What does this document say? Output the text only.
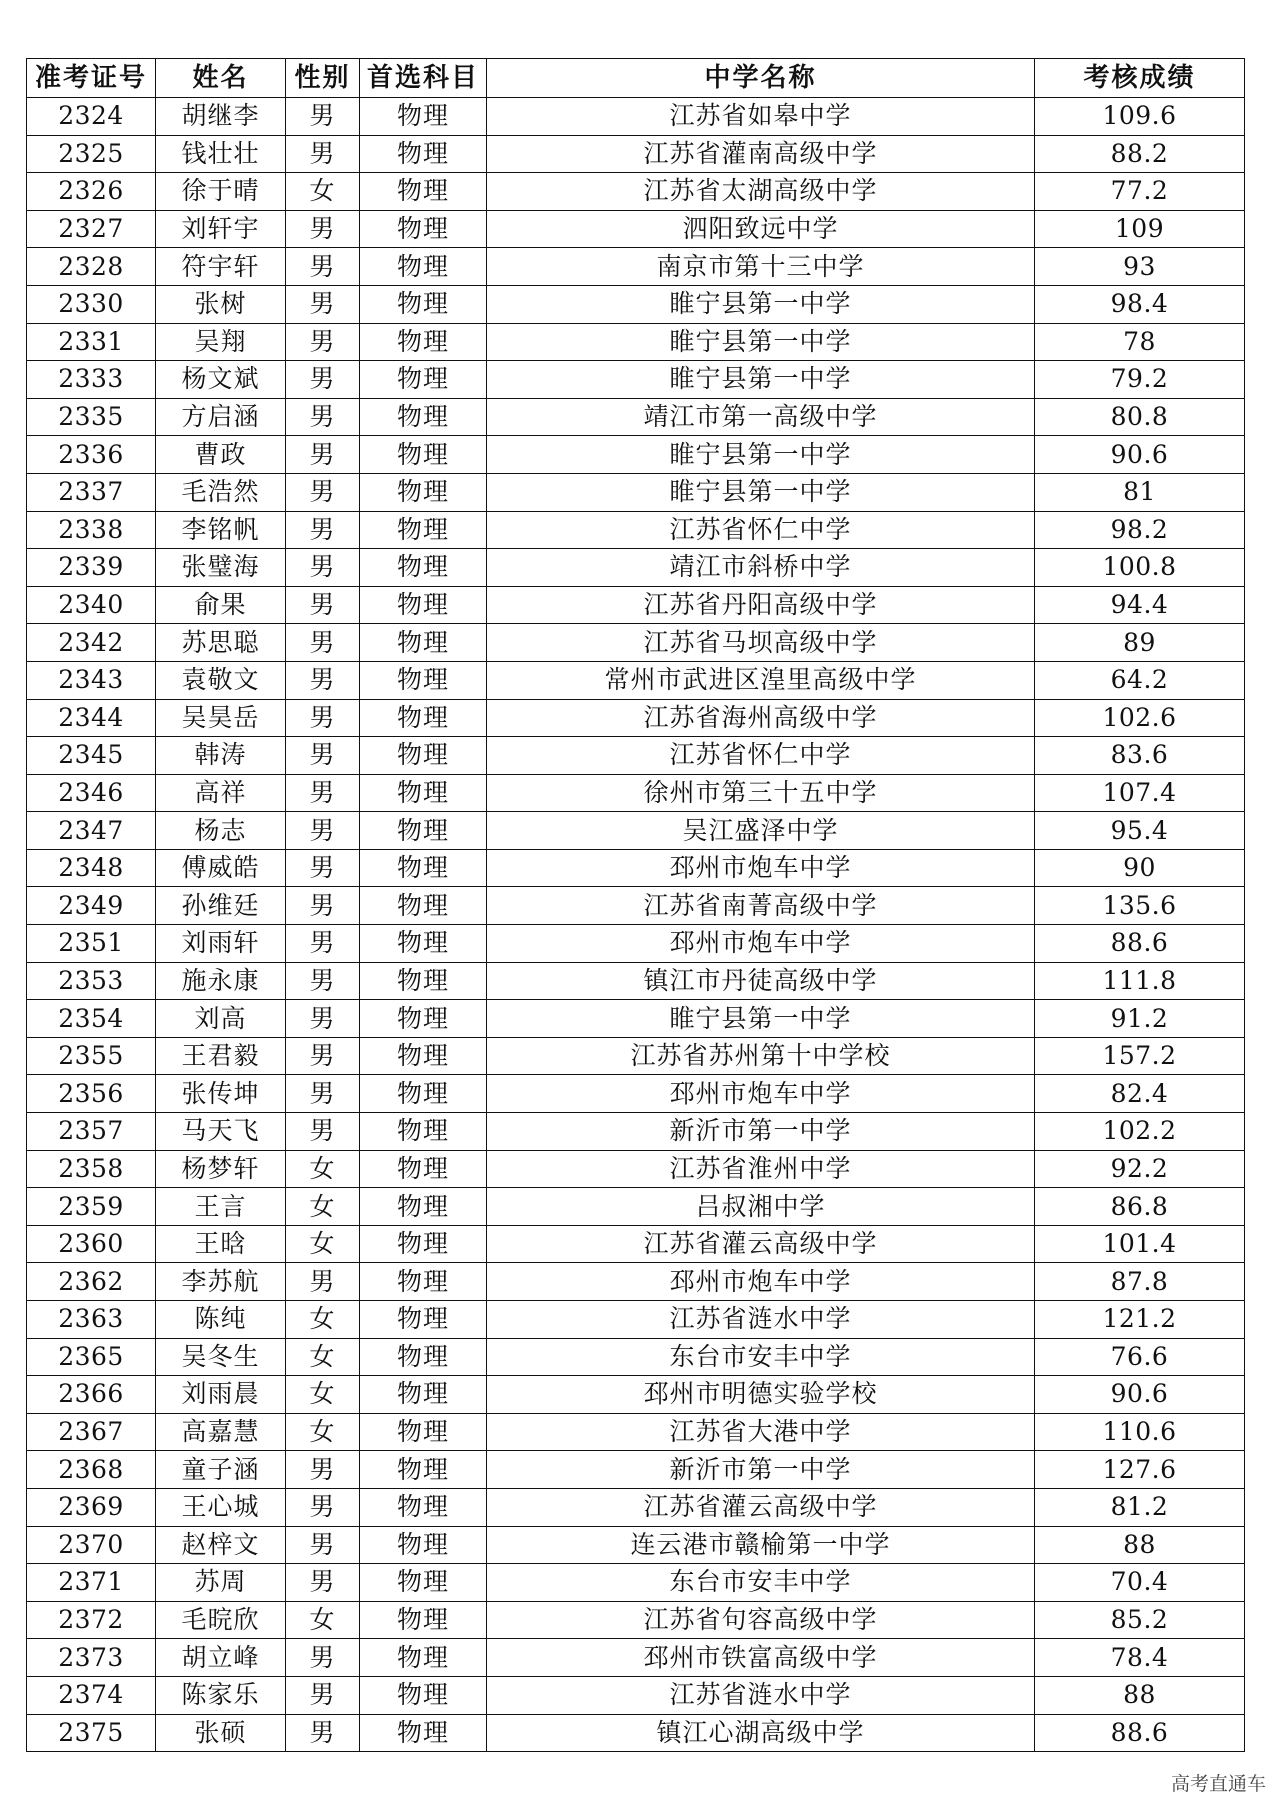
准考证号	姓名	性别	首选科目	中学名称	考核成绩
2324	胡继李	男	物理	江苏省如皋中学	109.6
2325	钱壮壮	男	物理	江苏省灌南高级中学	88.2
2326	徐于晴	女	物理	江苏省太湖高级中学	77.2
2327	刘轩宇	男	物理	泗阳致远中学	109
2328	符宇轩	男	物理	南京市第十三中学	93
2330	张树	男	物理	睢宁县第一中学	98.4
2331	吴翔	男	物理	睢宁县第一中学	78
2333	杨文斌	男	物理	睢宁县第一中学	79.2
2335	方启涵	男	物理	靖江市第一高级中学	80.8
2336	曹政	男	物理	睢宁县第一中学	90.6
2337	毛浩然	男	物理	睢宁县第一中学	81
2338	李铭帆	男	物理	江苏省怀仁中学	98.2
2339	张璧海	男	物理	靖江市斜桥中学	100.8
2340	俞果	男	物理	江苏省丹阳高级中学	94.4
2342	苏思聪	男	物理	江苏省马坝高级中学	89
2343	袁敬文	男	物理	常州市武进区湟里高级中学	64.2
2344	吴昊岳	男	物理	江苏省海州高级中学	102.6
2345	韩涛	男	物理	江苏省怀仁中学	83.6
2346	高祥	男	物理	徐州市第三十五中学	107.4
2347	杨志	男	物理	吴江盛泽中学	95.4
2348	傅威皓	男	物理	邳州市炮车中学	90
2349	孙维廷	男	物理	江苏省南菁高级中学	135.6
2351	刘雨轩	男	物理	邳州市炮车中学	88.6
2353	施永康	男	物理	镇江市丹徒高级中学	111.8
2354	刘高	男	物理	睢宁县第一中学	91.2
2355	王君毅	男	物理	江苏省苏州第十中学校	157.2
2356	张传坤	男	物理	邳州市炮车中学	82.4
2357	马天飞	男	物理	新沂市第一中学	102.2
2358	杨梦轩	女	物理	江苏省淮州中学	92.2
2359	王言	女	物理	吕叔湘中学	86.8
2360	王晗	女	物理	江苏省灌云高级中学	101.4
2362	李苏航	男	物理	邳州市炮车中学	87.8
2363	陈纯	女	物理	江苏省涟水中学	121.2
2365	吴冬生	女	物理	东台市安丰中学	76.6
2366	刘雨晨	女	物理	邳州市明德实验学校	90.6
2367	高嘉慧	女	物理	江苏省大港中学	110.6
2368	童子涵	男	物理	新沂市第一中学	127.6
2369	王心城	男	物理	江苏省灌云高级中学	81.2
2370	赵梓文	男	物理	连云港市赣榆第一中学	88
2371	苏周	男	物理	东台市安丰中学	70.4
2372	毛晥欣	女	物理	江苏省句容高级中学	85.2
2373	胡立峰	男	物理	邳州市铁富高级中学	78.4
2374	陈家乐	男	物理	江苏省涟水中学	88
2375	张硕	男	物理	镇江心湖高级中学	88.6
高考直通车
